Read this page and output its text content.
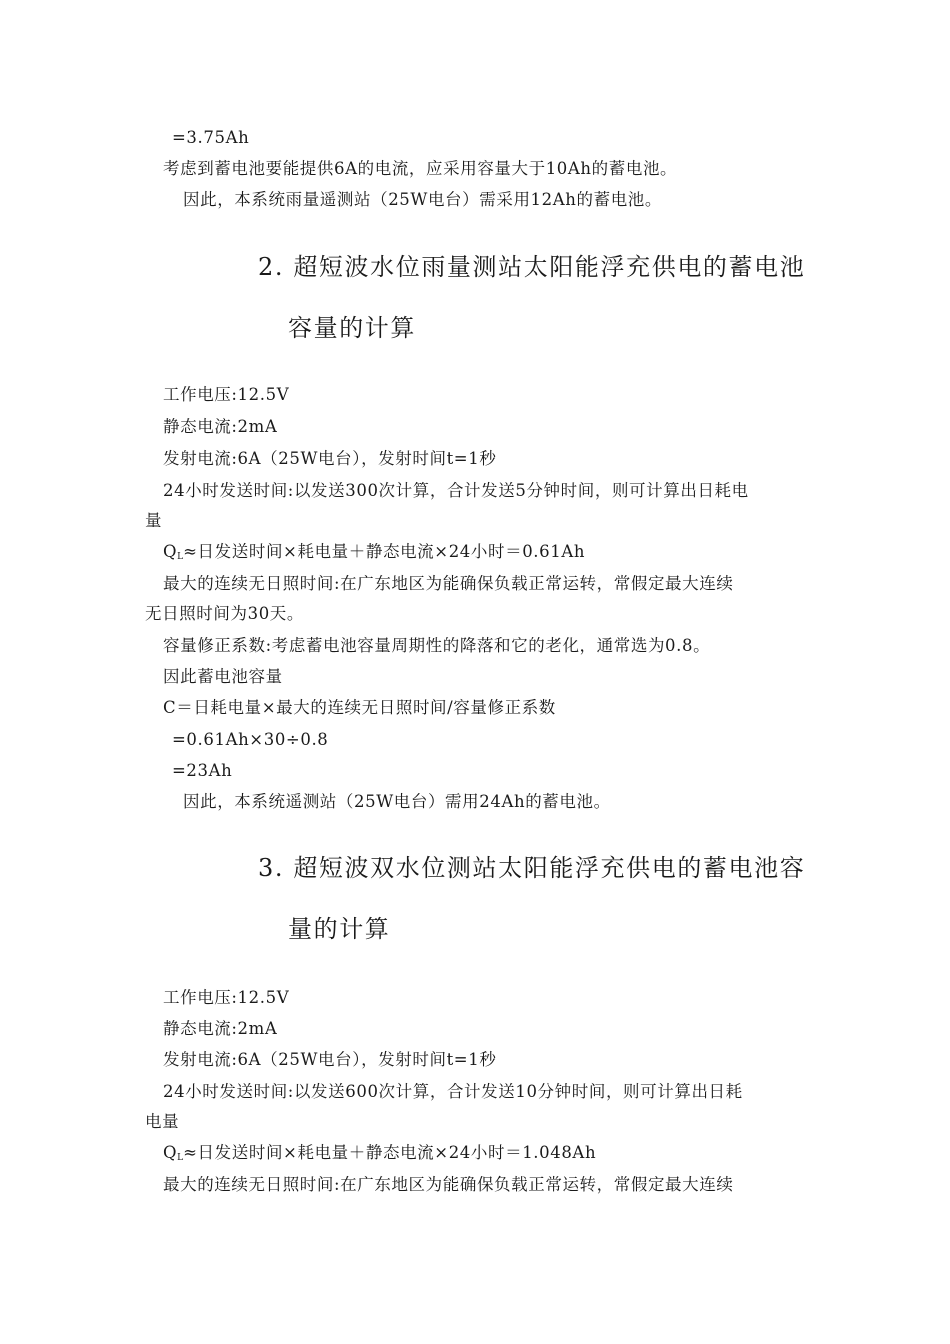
=3.75Ah
考虑到蓄电池要能提供6A的电流，应采用容量大于10Ah的蓄电池。
因此，本系统雨量遥测站（25W电台）需采用12Ah的蓄电池。
2. 超短波水位雨量测站太阳能浮充供电的蓄电池
容量的计算
工作电压:12.5V
静态电流:2mA
发射电流:6A（25W电台），发射时间t=1秒
24小时发送时间:以发送300次计算，合计发送5分钟时间，则可计算出日耗电
量
$Q_L\approx$日发送时间×耗电量＋静态电流×24小时＝0.61Ah
最大的连续无日照时间:在广东地区为能确保负载正常运转，常假定最大连续
无日照时间为30天。
容量修正系数:考虑蓄电池容量周期性的降落和它的老化，通常选为0.8。
因此蓄电池容量
C＝日耗电量×最大的连续无日照时间/容量修正系数
=0.61Ah×30÷0.8
=23Ah
因此，本系统遥测站（25W电台）需用24Ah的蓄电池。
3. 超短波双水位测站太阳能浮充供电的蓄电池容
量的计算
工作电压:12.5V
静态电流:2mA
发射电流:6A（25W电台），发射时间t=1秒
24小时发送时间:以发送600次计算，合计发送10分钟时间，则可计算出日耗
电量
$Q_L\approx$日发送时间×耗电量＋静态电流×24小时＝1.048Ah
最大的连续无日照时间:在广东地区为能确保负载正常运转，常假定最大连续
